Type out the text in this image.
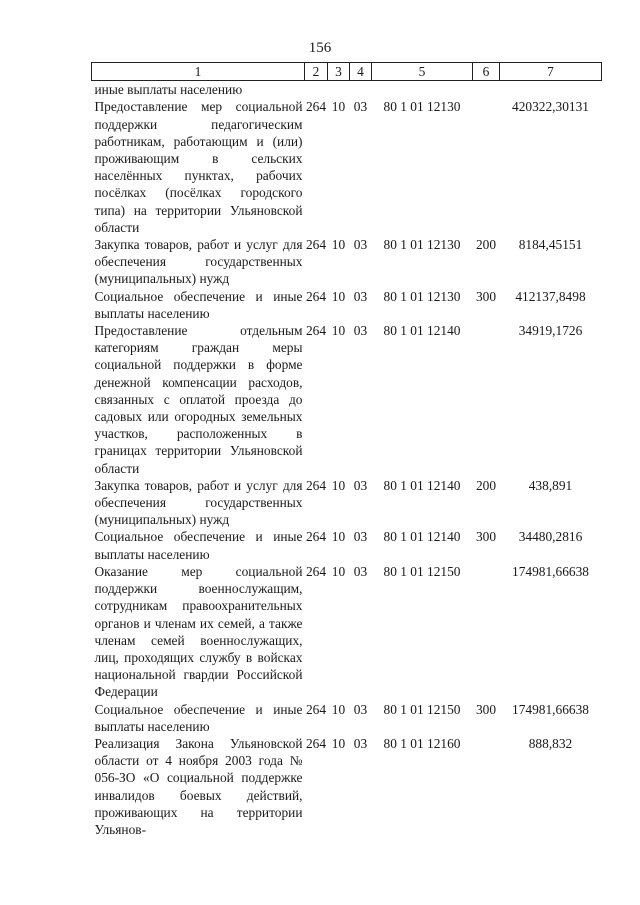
156
1	2	3	4	5	6	7
иные выплаты населению						
Предоставление мер социальной поддержки педагогическим работникам, работающим и (или) проживающим в сельских населённых пунктах, рабочих посёлках (посёлках городского типа) на территории Ульяновской области	264	10	03	80 1 01 12130		420322,30131
Закупка товаров, работ и услуг для обеспечения государственных (муниципальных) нужд	264	10	03	80 1 01 12130	200	8184,45151
Социальное обеспечение и иные выплаты населению	264	10	03	80 1 01 12130	300	412137,8498
Предоставление отдельным категориям граждан меры социальной поддержки в форме денежной компенсации расходов, связанных с оплатой проезда до садовых или огородных земельных участков, расположенных в границах территории Ульяновской области	264	10	03	80 1 01 12140		34919,1726
Закупка товаров, работ и услуг для обеспечения государственных (муниципальных) нужд	264	10	03	80 1 01 12140	200	438,891
Социальное обеспечение и иные выплаты населению	264	10	03	80 1 01 12140	300	34480,2816
Оказание мер социальной поддержки военнослужащим, сотрудникам правоохранительных органов и членам их семей, а также членам семей военнослужащих, лиц, проходящих службу в войсках национальной гвардии Российской Федерации	264	10	03	80 1 01 12150		174981,66638
Социальное обеспечение и иные выплаты населению	264	10	03	80 1 01 12150	300	174981,66638
Реализация Закона Ульяновской области от 4 ноября 2003 года № 056-ЗО «О социальной поддержке инвалидов боевых действий, проживающих на территории Ульянов-	264	10	03	80 1 01 12160		888,832
